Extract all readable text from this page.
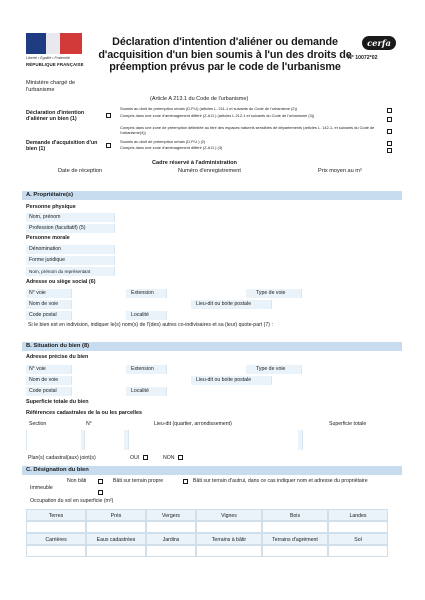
Liberté • Égalité • Fraternité
RÉPUBLIQUE FRANÇAISE
Ministère chargé de l'urbanisme
Déclaration d'intention d'aliéner ou demande d'acquisition d'un bien soumis à l'un des droits de préemption prévus par le code de l'urbanisme
cerfa
N° 10072*02
(Article A 213.1 du Code de l'urbanisme)
Déclaration d'intention d'aliéner un bien (1)
Soumis au droit de préemption urbain (D.P.U) (articles L. 211-1 et suivants du Code de l'urbanisme (2))
Compris dans une zone d'aménagement différé (Z.A.D.) (articles L.212-1 et suivants du Code de l'urbanisme (3))
Compris dans une zone de préemption délimitée au titre des espaces naturels sensibles de départements (articles L. 142-1- et suivants du Code de l'urbanisme(4))
Demande d'acquisition d'un bien (1)
Soumis au droit de préemption urbain (D.P.U.) (2)
Compris dans une zone d'aménagement différé (Z.A.D.) (3)
Cadre réservé à l'administration
Date de réception	Numéro d'enregistrement	Prix moyen au m²
A. Propriétaire(s)
Personne physique
Nom, prénom
Profession (facultatif) (5)
Personne morale
Dénomination
Forme juridique
Nom, prénom du représentant
Adresse ou siège social (6)
N° voie	Extension	Type de voie
Nom de voie	Lieu-dit ou boite postale
Code postal	Localité
Si le bien est en indivision, indiquer le(s) nom(s) de l'(des) autres co-indivisaires et sa (leur) quote-part (7) :
B. Situation du bien (8)
Adresse précise du bien
N° voie	Extension	Type de voie
Nom de voie	Lieu-dit ou boite postale
Code postal	Localité
Superficie totale du bien
Références cadastrales de la ou les parcelles
Section	N°	Lieu-dit (quartier, arrondissement)	Superficie totale
Plan(s) cadastral(aux) joint(s)	OUI	NON
C. Désignation du bien
Immeuble
Non bâti	Bâti sur terrain propre	Bâti sur terrain d'autrui, dans ce cas indiquer nom et adresse du propriétaire
Occupation du sol en superficie (m²)
Terres	Prés	Vergers	Vignes	Bois	Landes
Carrières	Eaux cadastrées	Jardins	Terrains à bâtir	Terrains d'agrément	Sol
